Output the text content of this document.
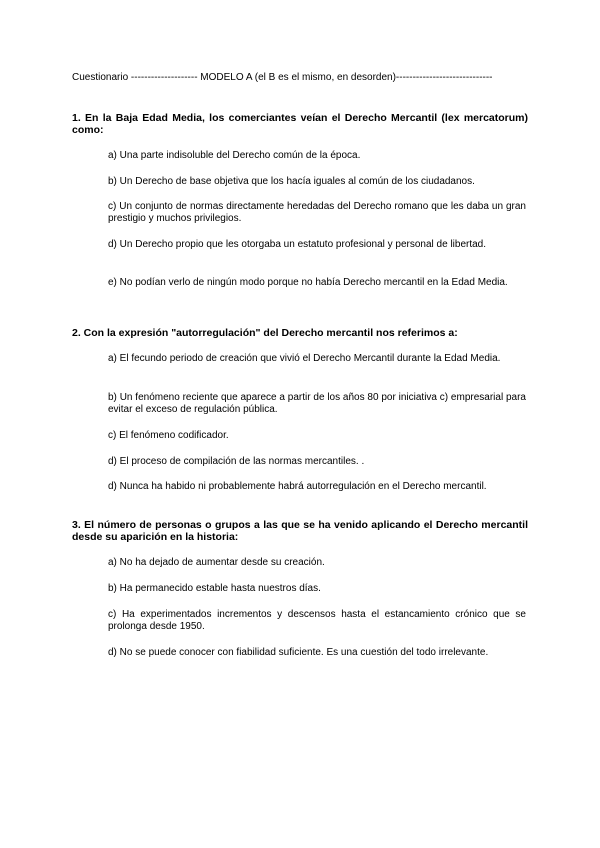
Cuestionario -------------------- MODELO A (el B es el mismo, en desorden)-----------------------------
1. En la Baja Edad Media, los comerciantes veían el Derecho Mercantil (lex mercatorum) como:
a) Una parte indisoluble del Derecho común de la época.
b) Un Derecho de base objetiva que los hacía iguales al común de los ciudadanos.
c) Un conjunto de normas directamente heredadas del Derecho romano que les daba un gran prestigio y muchos privilegios.
d) Un Derecho propio que les otorgaba un estatuto profesional y personal de libertad.
e) No podían verlo de ningún modo porque no había Derecho mercantil en la Edad Media.
2. Con la expresión "autorregulación" del Derecho mercantil nos referimos a:
a) El fecundo periodo de creación que vivió el Derecho Mercantil durante la Edad Media.
b) Un fenómeno reciente que aparece a partir de los años 80 por iniciativa c) empresarial para evitar el exceso de regulación pública.
c) El fenómeno codificador.
d) El proceso de compilación de las normas mercantiles. .
d) Nunca ha habido ni probablemente habrá autorregulación en el Derecho mercantil.
3. El número de personas o grupos a las que se ha venido aplicando el Derecho mercantil desde su aparición en la historia:
a) No ha dejado de aumentar desde su creación.
b) Ha permanecido estable hasta nuestros días.
c) Ha experimentados incrementos y descensos hasta el estancamiento crónico que se prolonga desde 1950.
d) No se puede conocer con fiabilidad suficiente. Es una cuestión del todo irrelevante.
